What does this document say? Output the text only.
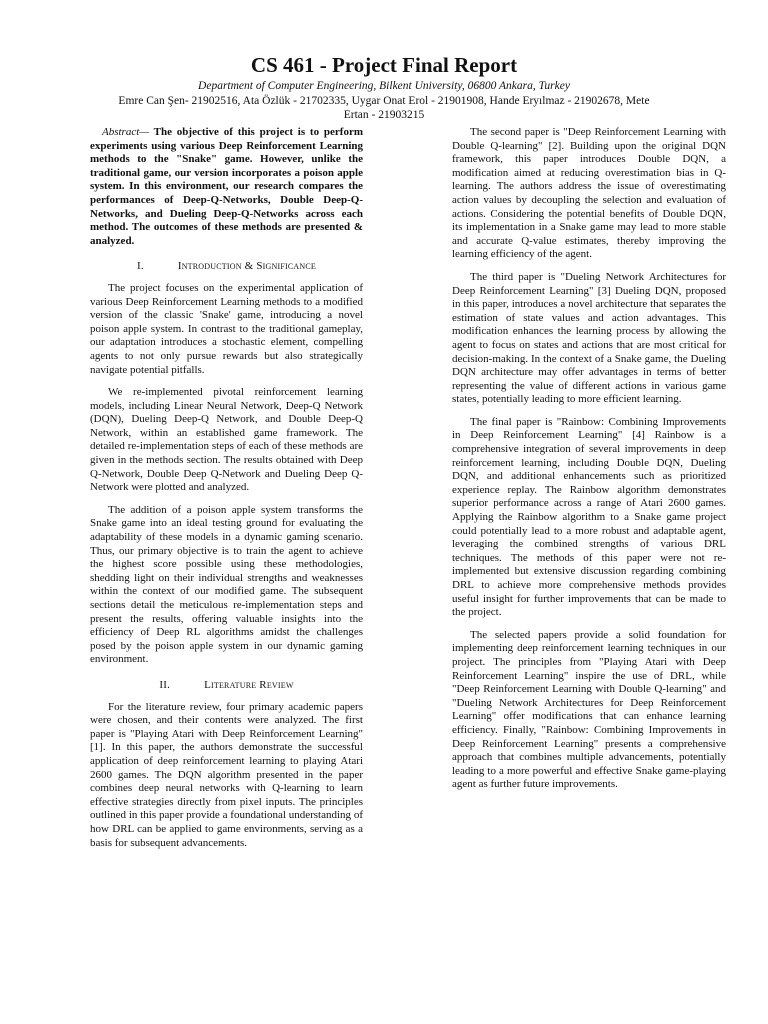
CS 461 - Project Final Report
Department of Computer Engineering, Bilkent University, 06800 Ankara, Turkey
Emre Can Şen- 21902516, Ata Özlük - 21702335, Uygar Onat Erol - 21901908, Hande Eryılmaz - 21902678, Mete Ertan - 21903215

Abstract— The objective of this project is to perform experiments using various Deep Reinforcement Learning methods to the "Snake" game. However, unlike the traditional game, our version incorporates a poison apple system. In this environment, our research compares the performances of Deep-Q-Networks, Double Deep-Q-Networks, and Dueling Deep-Q-Networks across each method. The outcomes of these methods are presented & analyzed.

I.	Introduction & Significance

The project focuses on the experimental application of various Deep Reinforcement Learning methods to a modified version of the classic 'Snake' game, introducing a novel poison apple system. In contrast to the traditional gameplay, our adaptation introduces a stochastic element, compelling agents to not only pursue rewards but also strategically navigate potential pitfalls.

We re-implemented pivotal reinforcement learning models, including Linear Neural Network, Deep-Q Network (DQN), Dueling Deep-Q Network, and Double Deep-Q Network, within an established game framework. The detailed re-implementation steps of each of these methods are given in the methods section. The results obtained with Deep Q-Network, Double Deep Q-Network and Dueling Deep Q-Network were plotted and analyzed.

The addition of a poison apple system transforms the Snake game into an ideal testing ground for evaluating the adaptability of these models in a dynamic gaming scenario. Thus, our primary objective is to train the agent to achieve the highest score possible using these methodologies, shedding light on their individual strengths and weaknesses within the context of our modified game. The subsequent sections detail the meticulous re-implementation steps and present the results, offering valuable insights into the efficiency of Deep RL algorithms amidst the challenges posed by the poison apple system in our dynamic gaming environment.

II.	Literature Review

For the literature review, four primary academic papers were chosen, and their contents were analyzed. The first paper is "Playing Atari with Deep Reinforcement Learning" [1]. In this paper, the authors demonstrate the successful application of deep reinforcement learning to playing Atari 2600 games. The DQN algorithm presented in the paper combines deep neural networks with Q-learning to learn effective strategies directly from pixel inputs. The principles outlined in this paper provide a foundational understanding of how DRL can be applied to game environments, serving as a basis for subsequent advancements.

The second paper is "Deep Reinforcement Learning with Double Q-learning" [2]. Building upon the original DQN framework, this paper introduces Double DQN, a modification aimed at reducing overestimation bias in Q-learning. The authors address the issue of overestimating action values by decoupling the selection and evaluation of actions. Considering the potential benefits of Double DQN, its implementation in a Snake game may lead to more stable and accurate Q-value estimates, thereby improving the learning efficiency of the agent.

The third paper is "Dueling Network Architectures for Deep Reinforcement Learning" [3] Dueling DQN, proposed in this paper, introduces a novel architecture that separates the estimation of state values and action advantages. This modification enhances the learning process by allowing the agent to focus on states and actions that are most critical for decision-making. In the context of a Snake game, the Dueling DQN architecture may offer advantages in terms of better representing the value of different actions in various game states, potentially leading to more efficient learning.

The final paper is "Rainbow: Combining Improvements in Deep Reinforcement Learning" [4] Rainbow is a comprehensive integration of several improvements in deep reinforcement learning, including Double DQN, Dueling DQN, and additional enhancements such as prioritized experience replay. The Rainbow algorithm demonstrates superior performance across a range of Atari 2600 games. Applying the Rainbow algorithm to a Snake game project could potentially lead to a more robust and adaptable agent, leveraging the combined strengths of various DRL techniques. The methods of this paper were not re-implemented but extensive discussion regarding combining DRL to achieve more comprehensive methods provides useful insight for further improvements that can be made to the project.

The selected papers provide a solid foundation for implementing deep reinforcement learning techniques in our project. The principles from "Playing Atari with Deep Reinforcement Learning" inspire the use of DRL, while "Deep Reinforcement Learning with Double Q-learning" and "Dueling Network Architectures for Deep Reinforcement Learning" offer modifications that can enhance learning efficiency. Finally, "Rainbow: Combining Improvements in Deep Reinforcement Learning" presents a comprehensive approach that combines multiple advancements, potentially leading to a more powerful and effective Snake game-playing agent as further future improvements.
